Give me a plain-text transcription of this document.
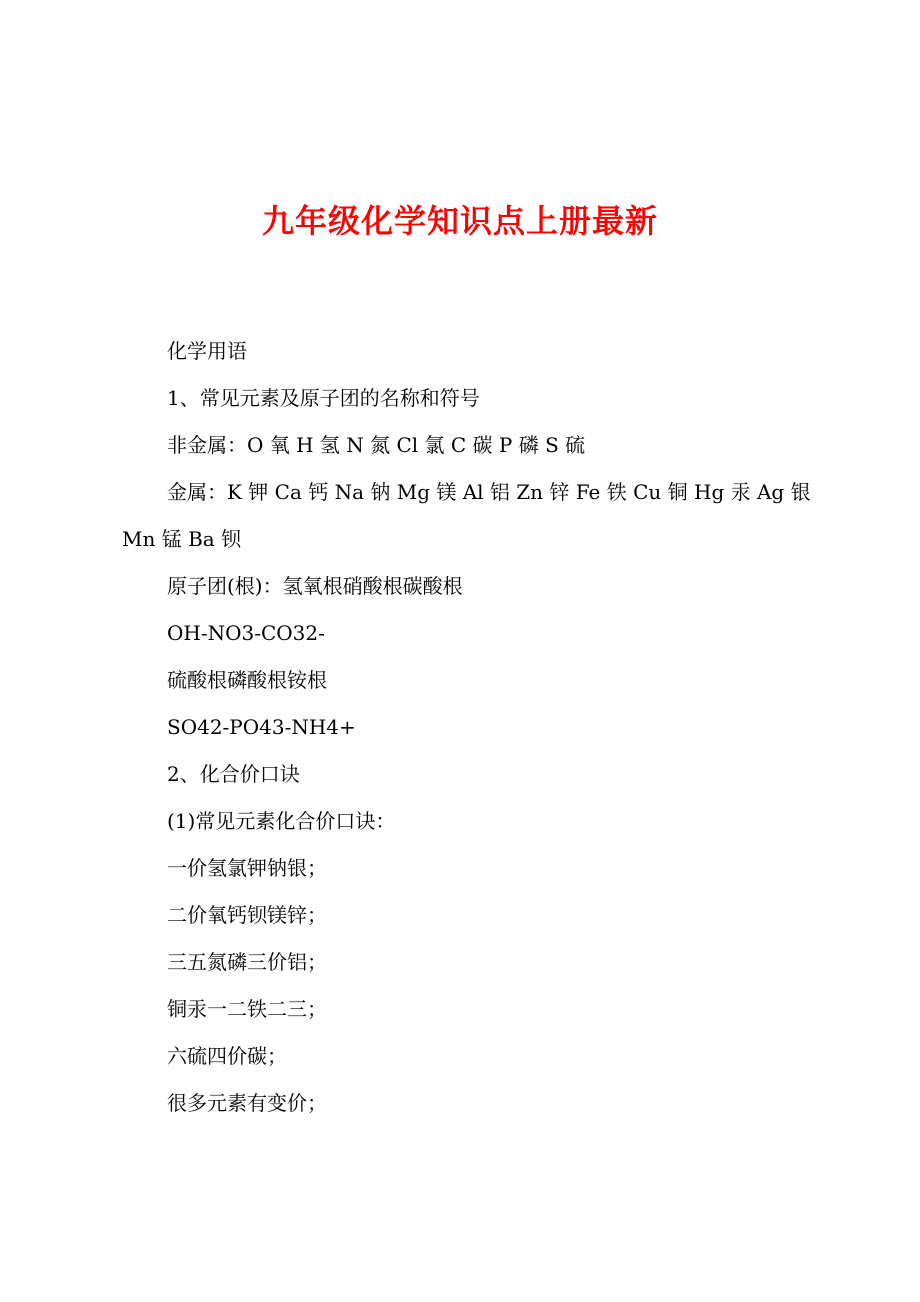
九年级化学知识点上册最新
化学用语
1、常见元素及原子团的名称和符号
非金属：O 氧 H 氢 N 氮 Cl 氯 C 碳 P 磷 S 硫
金属：K 钾 Ca 钙 Na 钠 Mg 镁 Al 铝 Zn 锌 Fe 铁 Cu 铜 Hg 汞 Ag 银 Mn 锰 Ba 钡
原子团(根)：氢氧根硝酸根碳酸根
OH-NO3-CO32-
硫酸根磷酸根铵根
SO42-PO43-NH4+
2、化合价口诀
(1)常见元素化合价口诀：
一价氢氯钾钠银；
二价氧钙钡镁锌；
三五氮磷三价铝；
铜汞一二铁二三；
六硫四价碳；
很多元素有变价；
